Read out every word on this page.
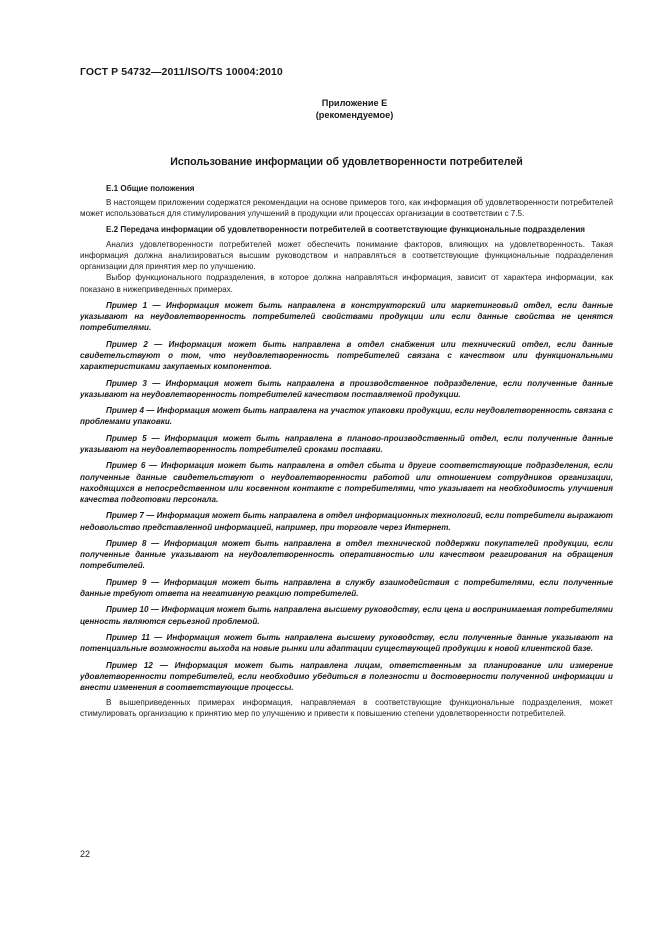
ГОСТ Р 54732—2011/ISO/TS 10004:2010
Приложение Е
(рекомендуемое)
Использование информации об удовлетворенности потребителей
Е.1 Общие положения

В настоящем приложении содержатся рекомендации на основе примеров того, как информация об удовлетворенности потребителей может использоваться для стимулирования улучшений в продукции или процессах организации в соответствии с 7.5.

Е.2 Передача информации об удовлетворенности потребителей в соответствующие функциональные подразделения

Анализ удовлетворенности потребителей может обеспечить понимание факторов, влияющих на удовлетворенность. Такая информация должна анализироваться высшим руководством и направляться в соответствующие функциональные подразделения организации для принятия мер по улучшению.

Выбор функционального подразделения, в которое должна направляться информация, зависит от характера информации, как показано в нижеприведенных примерах.

Пример 1 — Информация может быть направлена в конструкторский или маркетинговый отдел, если данные указывают на неудовлетворенность потребителей свойствами продукции или если данные свойства не ценятся потребителями.

Пример 2 — Информация может быть направлена в отдел снабжения или технический отдел, если данные свидетельствуют о том, что неудовлетворенность потребителей связана с качеством или функциональными характеристиками закупаемых компонентов.

Пример 3 — Информация может быть направлена в производственное подразделение, если полученные данные указывают на неудовлетворенность потребителей качеством поставляемой продукции.

Пример 4 — Информация может быть направлена на участок упаковки продукции, если неудовлетворенность связана с проблемами упаковки.

Пример 5 — Информация может быть направлена в планово-производственный отдел, если полученные данные указывают на неудовлетворенность потребителей сроками поставки.

Пример 6 — Информация может быть направлена в отдел сбыта и другие соответствующие подразделения, если полученные данные свидетельствуют о неудовлетворенности работой или отношением сотрудников организации, находящихся в непосредственном или косвенном контакте с потребителями, что указывает на необходимость улучшения качества подготовки персонала.

Пример 7 — Информация может быть направлена в отдел информационных технологий, если потребители выражают недовольство представленной информацией, например, при торговле через Интернет.

Пример 8 — Информация может быть направлена в отдел технической поддержки покупателей продукции, если полученные данные указывают на неудовлетворенность оперативностью или качеством реагирования на обращения потребителей.

Пример 9 — Информация может быть направлена в службу взаимодействия с потребителями, если полученные данные требуют ответа на негативную реакцию потребителей.

Пример 10 — Информация может быть направлена высшему руководству, если цена и воспринимаемая потребителями ценность являются серьезной проблемой.

Пример 11 — Информация может быть направлена высшему руководству, если полученные данные указывают на потенциальные возможности выхода на новые рынки или адаптации существующей продукции к новой клиентской базе.

Пример 12 — Информация может быть направлена лицам, ответственным за планирование или измерение удовлетворенности потребителей, если необходимо убедиться в полезности и достоверности полученной информации и внести изменения в соответствующие процессы.

В вышеприведенных примерах информация, направляемая в соответствующие функциональные подразделения, может стимулировать организацию к принятию мер по улучшению и привести к повышению степени удовлетворенности потребителей.

22
